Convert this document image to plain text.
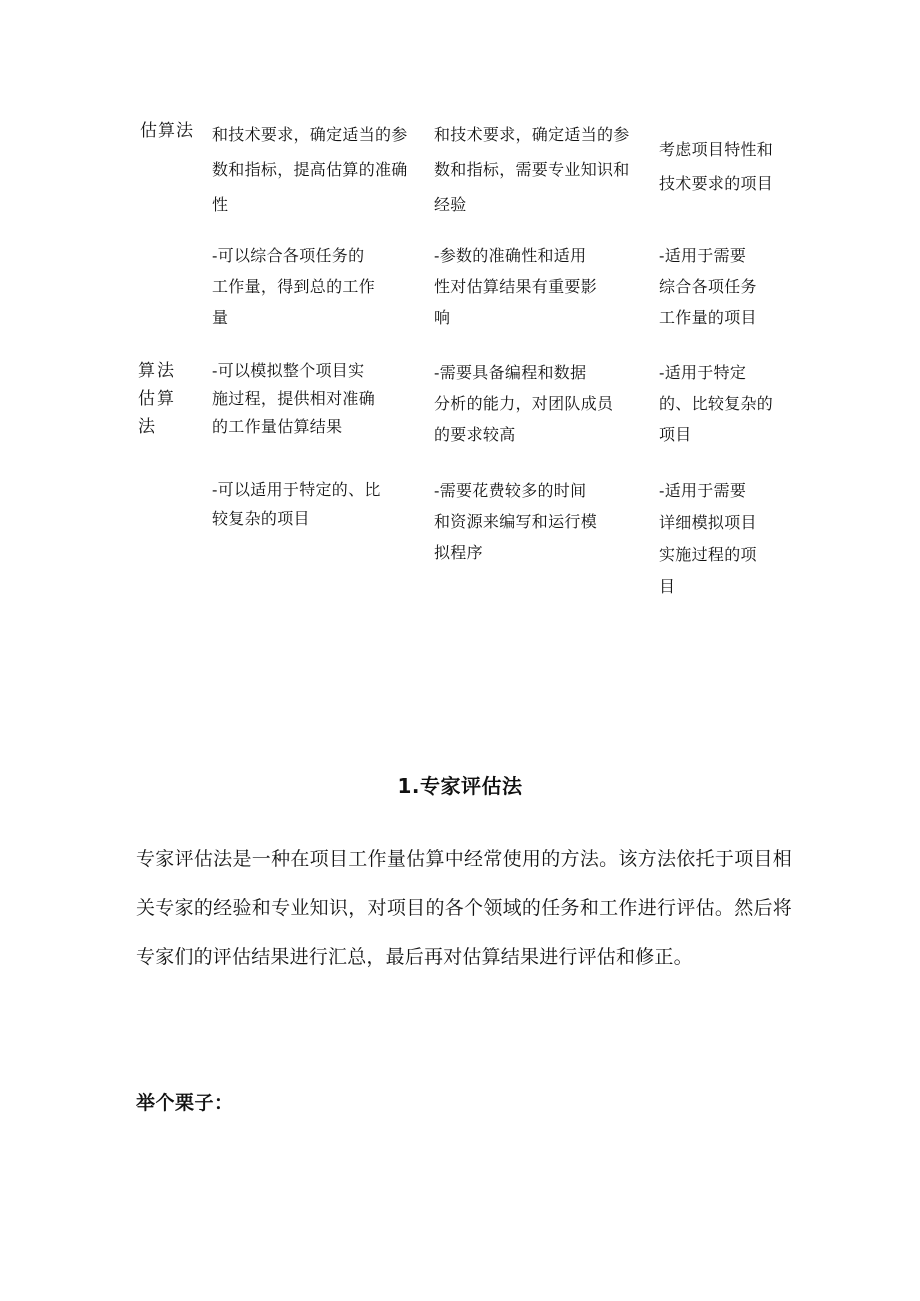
估算法 和技术要求，确定适当的参
数和指标，提高估算的准确
性
和技术要求，确定适当的参
数和指标，需要专业知识和
经验
考虑项目特性和
技术要求的项目
-可以综合各项任务的
工作量，得到总的工作
量
-参数的准确性和适用
性对估算结果有重要影
响
-适用于需要
综合各项任务
工作量的项目
算法
估算
法
-可以模拟整个项目实
施过程，提供相对准确
的工作量估算结果
-需要具备编程和数据
分析的能力，对团队成员
的要求较高
-适用于特定
的、比较复杂的
项目
-可以适用于特定的、比
较复杂的项目
-需要花费较多的时间
和资源来编写和运行模
拟程序
-适用于需要
详细模拟项目
实施过程的项
目
1.专家评估法
专家评估法是一种在项目工作量估算中经常使用的方法。该方法依托于项目相关专家的经验和专业知识，对项目的各个领域的任务和工作进行评估。然后将专家们的评估结果进行汇总，最后再对估算结果进行评估和修正。
举个栗子：
